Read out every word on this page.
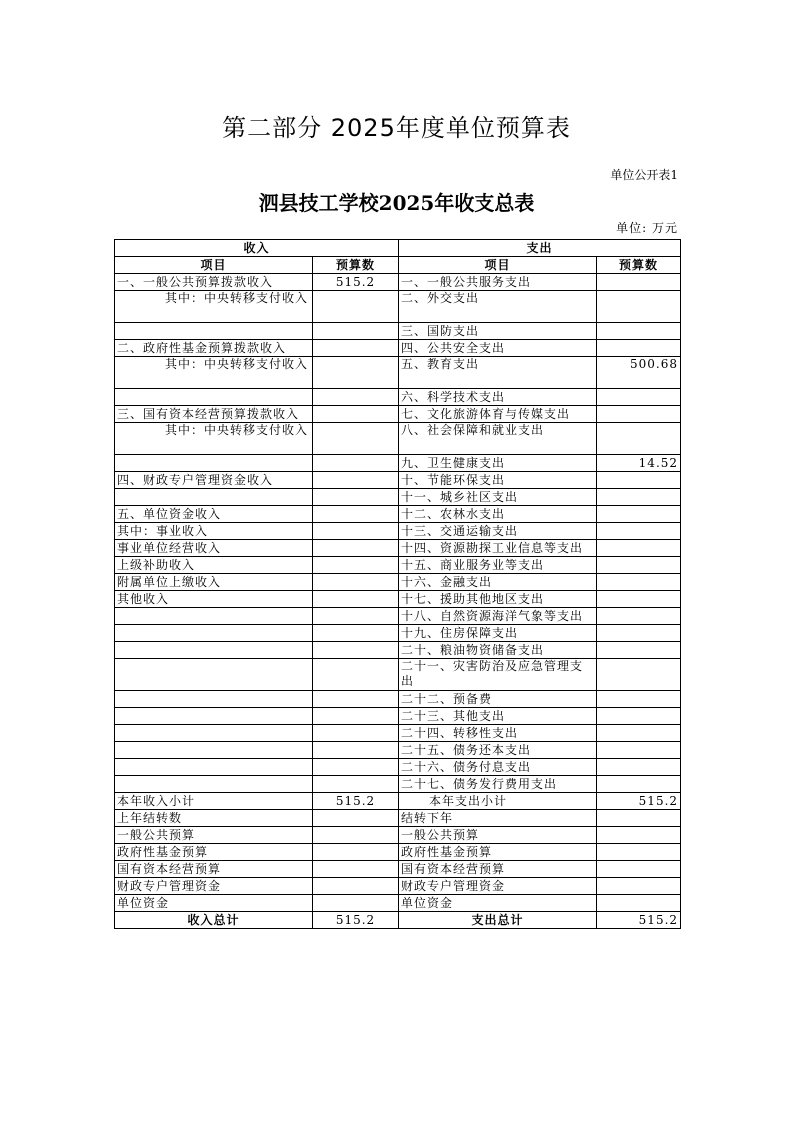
第二部分 2025年度单位预算表
单位公开表1
泗县技工学校2025年收支总表
单位: 万元
收入		支出	
项目	预算数	项目	预算数
一、一般公共预算拨款收入	515.2	一、一般公共服务支出	
其中：中央转移支付收入		二、外交支出	
		三、国防支出	
二、政府性基金预算拨款收入		四、公共安全支出	
其中：中央转移支付收入		五、教育支出	500.68
		六、科学技术支出	
三、国有资本经营预算拨款收入		七、文化旅游体育与传媒支出	
其中：中央转移支付收入		八、社会保障和就业支出	
		九、卫生健康支出	14.52
四、财政专户管理资金收入		十、节能环保支出	
		十一、城乡社区支出	
五、单位资金收入		十二、农林水支出	
其中：事业收入		十三、交通运输支出	
事业单位经营收入		十四、资源勘探工业信息等支出	
上级补助收入		十五、商业服务业等支出	
附属单位上缴收入		十六、金融支出	
其他收入		十七、援助其他地区支出	
		十八、自然资源海洋气象等支出	
		十九、住房保障支出	
		二十、粮油物资储备支出	
		二十一、灾害防治及应急管理支出	
		二十二、预备费	
		二十三、其他支出	
		二十四、转移性支出	
		二十五、债务还本支出	
		二十六、债务付息支出	
		二十七、债务发行费用支出	
本年收入小计	515.2	本年支出小计	515.2
上年结转数		结转下年	
一般公共预算		一般公共预算	
政府性基金预算		政府性基金预算	
国有资本经营预算		国有资本经营预算	
财政专户管理资金		财政专户管理资金	
单位资金		单位资金	
收入总计	515.2	支出总计	515.2
